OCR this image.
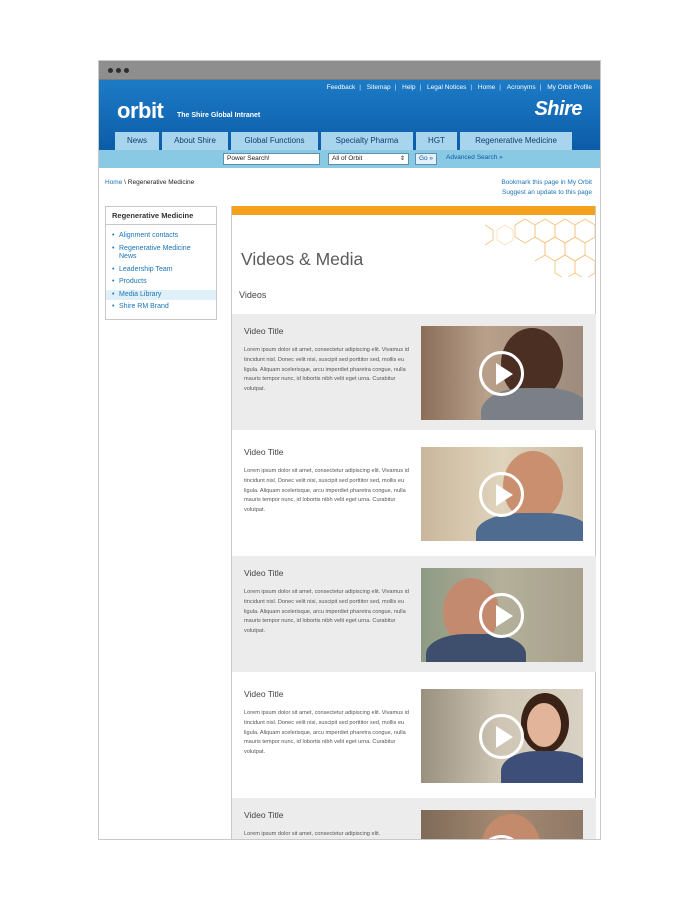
Feedback | Sitemap | Help | Legal Notices | Home | Acronyms | My Orbit Profile
orbit The Shire Global Intranet	Shire
News	About Shire	Global Functions	Specialty Pharma	HGT	Regenerative Medicine
Power Search!	All of Orbit	⇕	Go »	Advanced Search »
Home \ Regenerative Medicine	Bookmark this page in My Orbit
Suggest an update to this page
Regenerative Medicine
• Alignment contacts
• Regenerative Medicine News
• Leadership Team
• Products
• Media Library
• Shire RM Brand
Videos & Media
Videos
Video Title
Lorem ipsum dolor sit amet, consectetur adipiscing elit. Vivamus id tincidunt nisl. Donec velit nisi, suscipit sed porttitor sed, mollis eu ligula. Aliquam scelerisque, arcu imperdiet pharetra congue, nulla mauris tempor nunc, id lobortis nibh velit eget urna. Curabitur volutpat.
Video Title
Lorem ipsum dolor sit amet, consectetur adipiscing elit. Vivamus id tincidunt nisl. Donec velit nisi, suscipit sed porttitor sed, mollis eu ligula. Aliquam scelerisque, arcu imperdiet pharetra congue, nulla mauris tempor nunc, id lobortis nibh velit eget urna. Curabitur volutpat.
Video Title
Lorem ipsum dolor sit amet, consectetur adipiscing elit. Vivamus id tincidunt nisl. Donec velit nisi, suscipit sed porttitor sed, mollis eu ligula. Aliquam scelerisque, arcu imperdiet pharetra congue, nulla mauris tempor nunc, id lobortis nibh velit eget urna. Curabitur volutpat.
Video Title
Lorem ipsum dolor sit amet, consectetur adipiscing elit. Vivamus id tincidunt nisl. Donec velit nisi, suscipit sed porttitor sed, mollis eu ligula. Aliquam scelerisque, arcu imperdiet pharetra congue, nulla mauris tempor nunc, id lobortis nibh velit eget urna. Curabitur volutpat.
Video Title
Lorem ipsum dolor sit amet, consectetur adipiscing elit.
